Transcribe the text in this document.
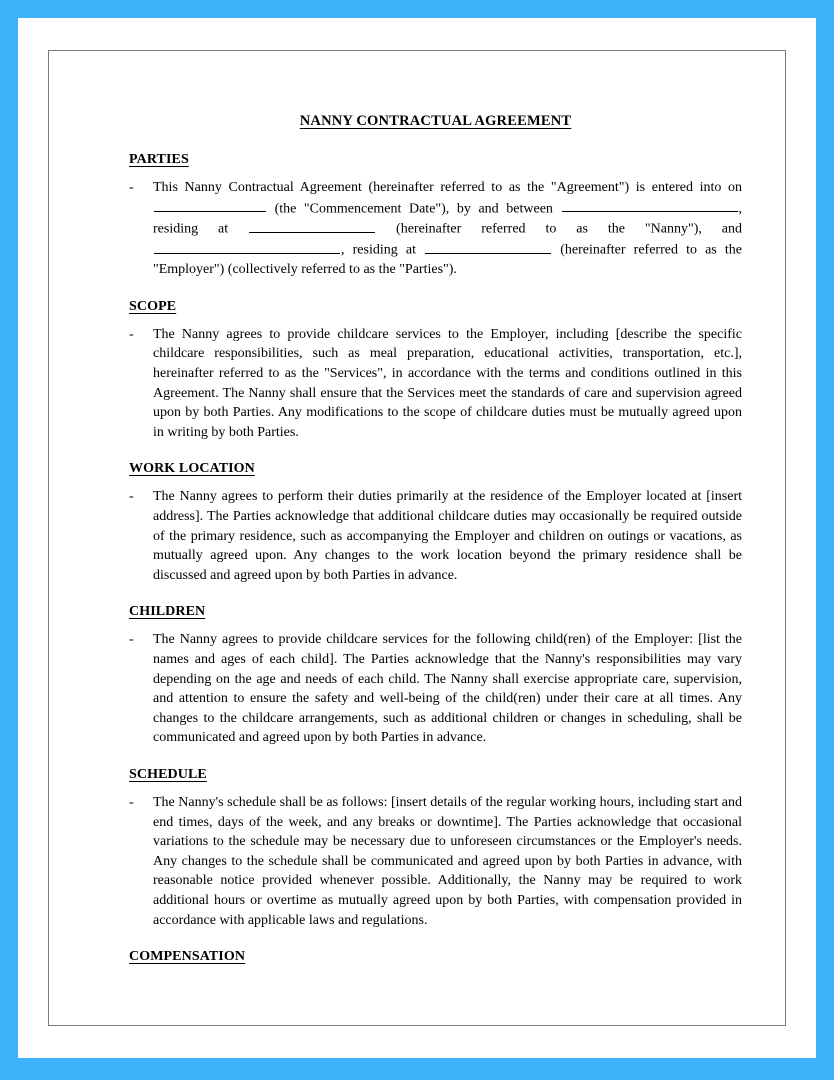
NANNY CONTRACTUAL AGREEMENT
PARTIES
-	This Nanny Contractual Agreement (hereinafter referred to as the "Agreement") is entered into on  (the "Commencement Date"), by and between	, residing at	(hereinafter referred to as the "Nanny"), and , residing at	(hereinafter referred to as the "Employer") (collectively referred to as the "Parties").
SCOPE
-	The Nanny agrees to provide childcare services to the Employer, including [describe the specific childcare responsibilities, such as meal preparation, educational activities, transportation, etc.], hereinafter referred to as the "Services", in accordance with the terms and conditions outlined in this Agreement. The Nanny shall ensure that the Services meet the standards of care and supervision agreed upon by both Parties. Any modifications to the scope of childcare duties must be mutually agreed upon in writing by both Parties.
WORK LOCATION
-	The Nanny agrees to perform their duties primarily at the residence of the Employer located at [insert address]. The Parties acknowledge that additional childcare duties may occasionally be required outside of the primary residence, such as accompanying the Employer and children on outings or vacations, as mutually agreed upon. Any changes to the work location beyond the primary residence shall be discussed and agreed upon by both Parties in advance.
CHILDREN
-	The Nanny agrees to provide childcare services for the following child(ren) of the Employer: [list the names and ages of each child]. The Parties acknowledge that the Nanny's responsibilities may vary depending on the age and needs of each child. The Nanny shall exercise appropriate care, supervision, and attention to ensure the safety and well-being of the child(ren) under their care at all times. Any changes to the childcare arrangements, such as additional children or changes in scheduling, shall be communicated and agreed upon by both Parties in advance.
SCHEDULE
-	The Nanny's schedule shall be as follows: [insert details of the regular working hours, including start and end times, days of the week, and any breaks or downtime]. The Parties acknowledge that occasional variations to the schedule may be necessary due to unforeseen circumstances or the Employer's needs. Any changes to the schedule shall be communicated and agreed upon by both Parties in advance, with reasonable notice provided whenever possible. Additionally, the Nanny may be required to work additional hours or overtime as mutually agreed upon by both Parties, with compensation provided in accordance with applicable laws and regulations.
COMPENSATION
